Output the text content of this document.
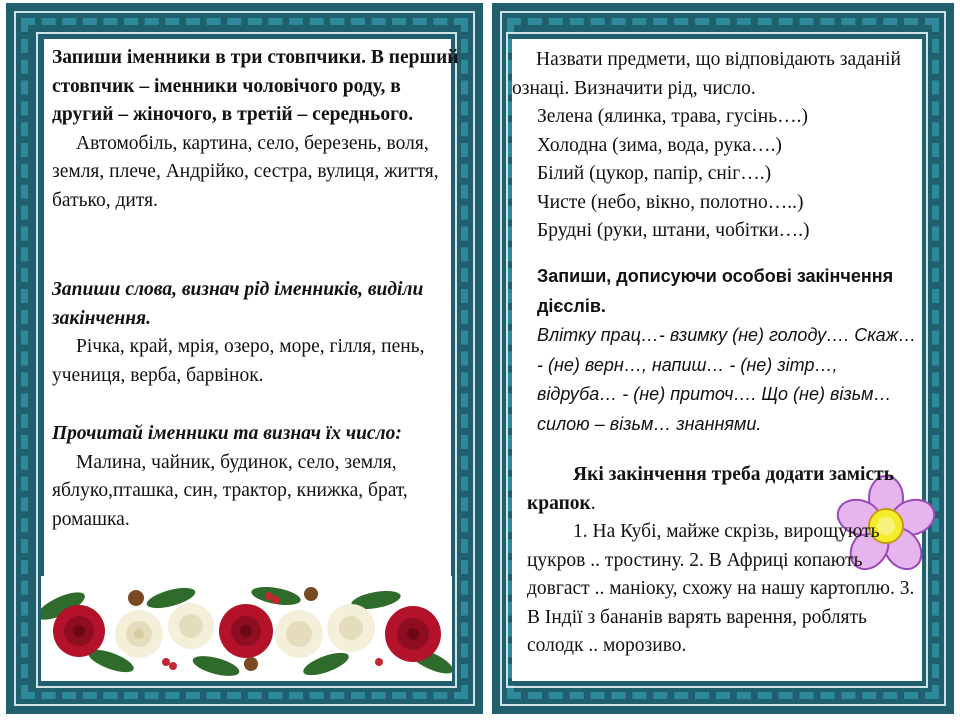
Запиши іменники в три стовпчики. В перший стовпчик – іменники чоловічого роду, в другий – жіночого, в третій – середнього.
Автомобіль, картина, село, березень, воля, земля, плече, Андрійко, сестра, вулиця, життя, батько, дитя.
Запиши слова, визнач рід іменників, виділи закінчення.
Річка, край, мрія, озеро, море, гілля, пень, учениця, верба, барвінок.
Прочитай іменники та визнач їх число:
Малина, чайник, будинок, село, земля, яблуко,пташка, син, трактор, книжка, брат, ромашка.
Назвати предмети, що відповідають заданій ознаці. Визначити рід, число.
Зелена (ялинка, трава, гусінь….)
Холодна (зима, вода, рука….)
Білий (цукор, папір, сніг….)
Чисте (небо, вікно, полотно…..)
Брудні (руки, штани, чобітки….)
Запиши, дописуючи особові закінчення дієслів.
Влітку прац…- взимку (не) голоду…. Скаж… - (не) верн…, напиш… - (не) зітр…, відруба… - (не) приточ…. Що (не) візьм… силою – візьм… знаннями.
Які закінчення треба додати замість крапок.
1. На Кубі, майже скрізь, вирощують цукров .. тростину. 2. В Африці копають довгаст .. маніоку, схожу на нашу картоплю. 3. В Індії з бананів варять варення, роблять солодк .. морозиво.
